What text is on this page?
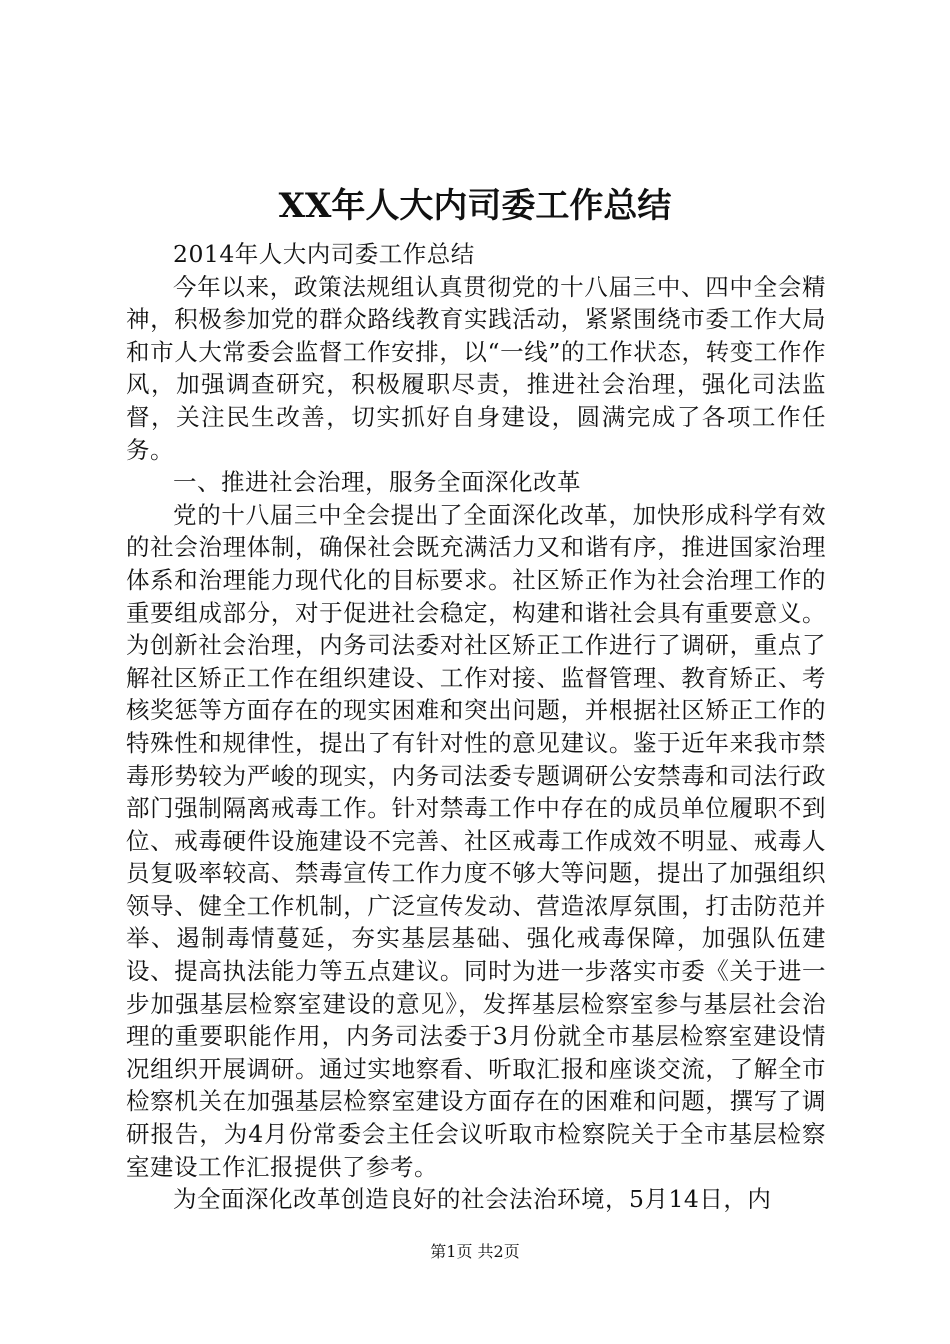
XX年人大内司委工作总结

2014年人大内司委工作总结

今年以来，政策法规组认真贯彻党的十八届三中、四中全会精神，积极参加党的群众路线教育实践活动，紧紧围绕市委工作大局和市人大常委会监督工作安排，以“一线”的工作状态，转变工作作风，加强调查研究，积极履职尽责，推进社会治理，强化司法监督，关注民生改善，切实抓好自身建设，圆满完成了各项工作任务。

一、推进社会治理，服务全面深化改革

党的十八届三中全会提出了全面深化改革，加快形成科学有效的社会治理体制，确保社会既充满活力又和谐有序，推进国家治理体系和治理能力现代化的目标要求。社区矫正作为社会治理工作的重要组成部分，对于促进社会稳定，构建和谐社会具有重要意义。为创新社会治理，内务司法委对社区矫正工作进行了调研，重点了解社区矫正工作在组织建设、工作对接、监督管理、教育矫正、考核奖惩等方面存在的现实困难和突出问题，并根据社区矫正工作的特殊性和规律性，提出了有针对性的意见建议。鉴于近年来我市禁毒形势较为严峻的现实，内务司法委专题调研公安禁毒和司法行政部门强制隔离戒毒工作。针对禁毒工作中存在的成员单位履职不到位、戒毒硬件设施建设不完善、社区戒毒工作成效不明显、戒毒人员复吸率较高、禁毒宣传工作力度不够大等问题，提出了加强组织领导、健全工作机制，广泛宣传发动、营造浓厚氛围，打击防范并举、遏制毒情蔓延，夯实基层基础、强化戒毒保障，加强队伍建设、提高执法能力等五点建议。同时为进一步落实市委《关于进一步加强基层检察室建设的意见》，发挥基层检察室参与基层社会治理的重要职能作用，内务司法委于3月份就全市基层检察室建设情况组织开展调研。通过实地察看、听取汇报和座谈交流，了解全市检察机关在加强基层检察室建设方面存在的困难和问题，撰写了调研报告，为4月份常委会主任会议听取市检察院关于全市基层检察室建设工作汇报提供了参考。

为全面深化改革创造良好的社会法治环境，5月14日，内

第1页 共2页
